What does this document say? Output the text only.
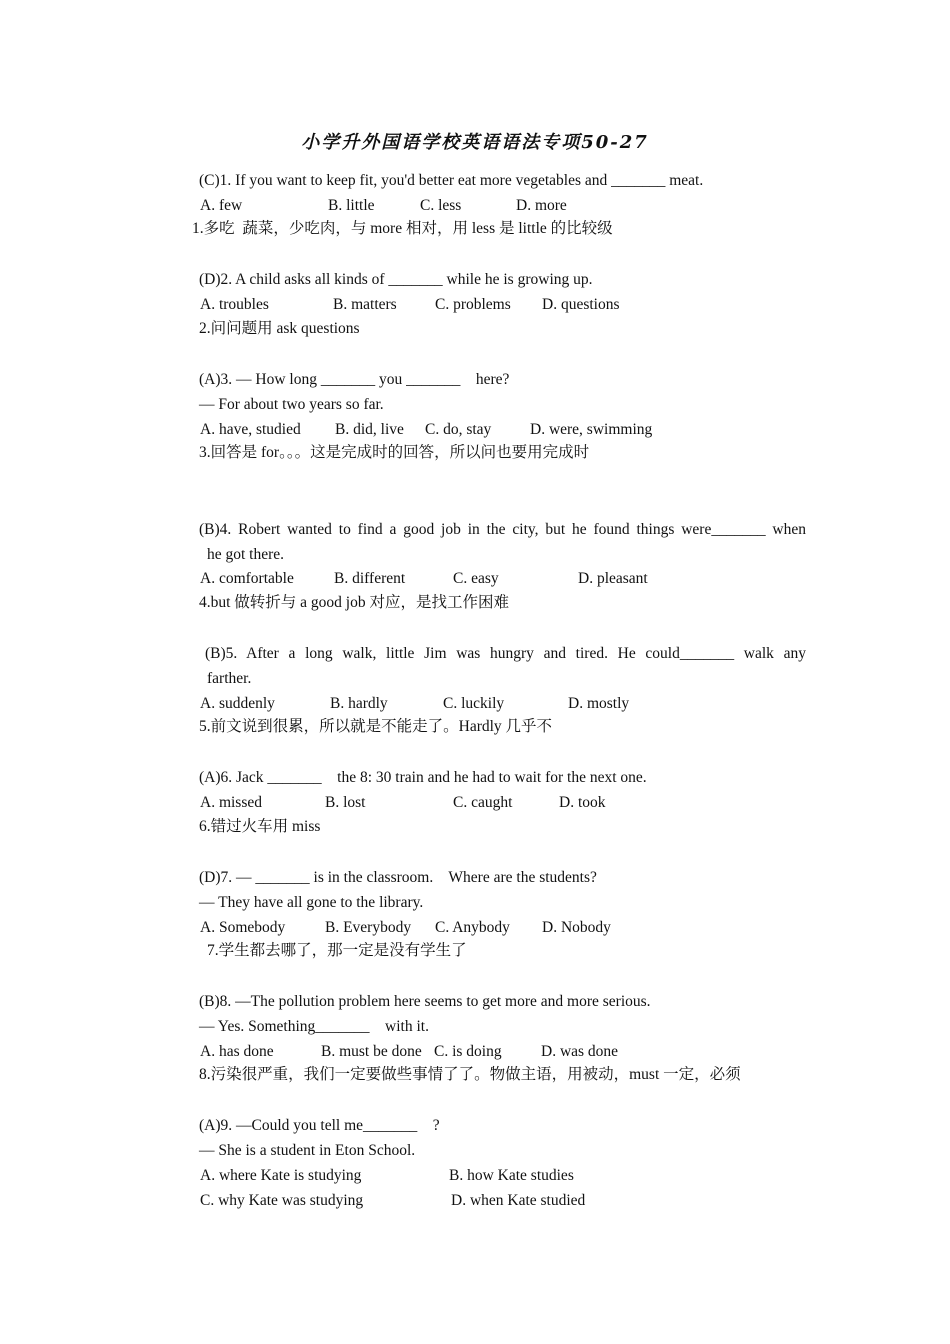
小学升外国语学校英语语法专项50-27
(C)1. If you want to keep fit, you'd better eat more vegetables and _______ meat.
A. few	B. little	C. less	D. more
1.多吃  蔬菜，少吃肉，与 more 相对，用 less 是 little 的比较级
(D)2. A child asks all kinds of _______ while he is growing up.
A. troubles	B. matters C. problems D. questions
2.问问题用 ask questions
(A)3. — How long _______ you _______    here?
— For about two years so far.
A. have, studied B. did, live C. do, stay D. were, swimming
3.回答是 for。。。这是完成时的回答，所以问也要用完成时
(B)4. Robert wanted to find a good job in the city, but he found things were_______ when
he got there.
A. comfortable	B. different	C. easy	D. pleasant
4.but 做转折与 a good job 对应，是找工作困难
(B)5. After a long walk, little Jim was hungry and tired. He could_______ walk any
farther.
A. suddenly	B. hardly	C. luckily	D. mostly
5.前文说到很累，所以就是不能走了。Hardly 几乎不
(A)6. Jack _______    the 8: 30 train and he had to wait for the next one.
A. missed	B. lost	C. caught	D. took
6.错过火车用 miss
(D)7. — _______ is in the classroom.    Where are the students?
— They have all gone to the library.
A. Somebody	B. Everybody C. Anybody D. Nobody
7.学生都去哪了，那一定是没有学生了
(B)8. —The pollution problem here seems to get more and more serious.
— Yes. Something_______    with it.
A. has done	B. must be done C. is doing	D. was done
8.污染很严重，我们一定要做些事情了了。物做主语，用被动，must 一定，必须
(A)9. —Could you tell me_______    ?
— She is a student in Eton School.
A. where Kate is studying	B. how Kate studies
C. why Kate was studying	D. when Kate studied
